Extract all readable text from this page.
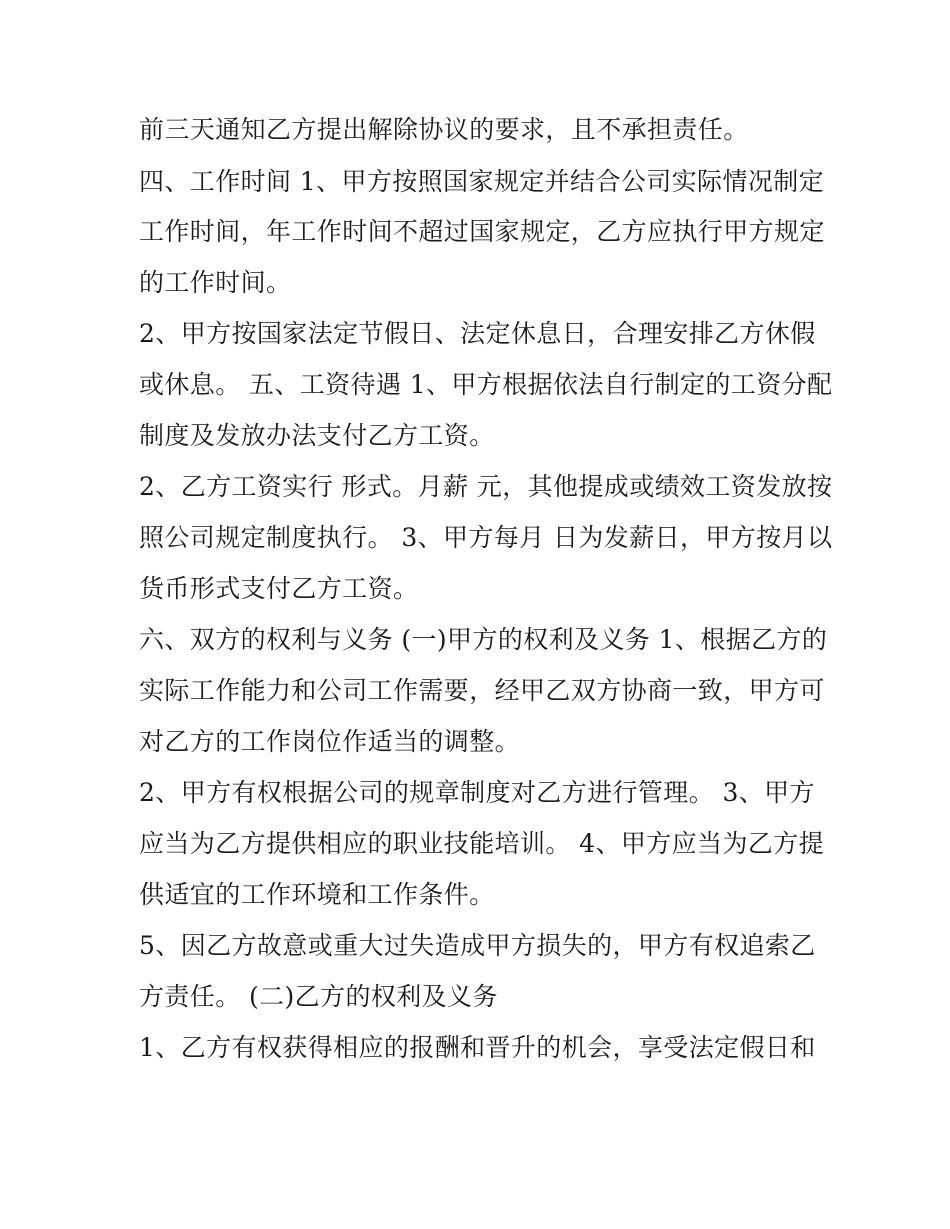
前三天通知乙方提出解除协议的要求，且不承担责任。
四、工作时间 1、甲方按照国家规定并结合公司实际情况制定
工作时间，年工作时间不超过国家规定，乙方应执行甲方规定
的工作时间。
2、甲方按国家法定节假日、法定休息日，合理安排乙方休假
或休息。 五、工资待遇 1、甲方根据依法自行制定的工资分配
制度及发放办法支付乙方工资。
2、乙方工资实行 形式。月薪 元，其他提成或绩效工资发放按
照公司规定制度执行。 3、甲方每月 日为发薪日，甲方按月以
货币形式支付乙方工资。
六、双方的权利与义务 (一)甲方的权利及义务 1、根据乙方的
实际工作能力和公司工作需要，经甲乙双方协商一致，甲方可
对乙方的工作岗位作适当的调整。
2、甲方有权根据公司的规章制度对乙方进行管理。 3、甲方
应当为乙方提供相应的职业技能培训。 4、甲方应当为乙方提
供适宜的工作环境和工作条件。
5、因乙方故意或重大过失造成甲方损失的，甲方有权追索乙
方责任。 (二)乙方的权利及义务
1、乙方有权获得相应的报酬和晋升的机会，享受法定假日和
